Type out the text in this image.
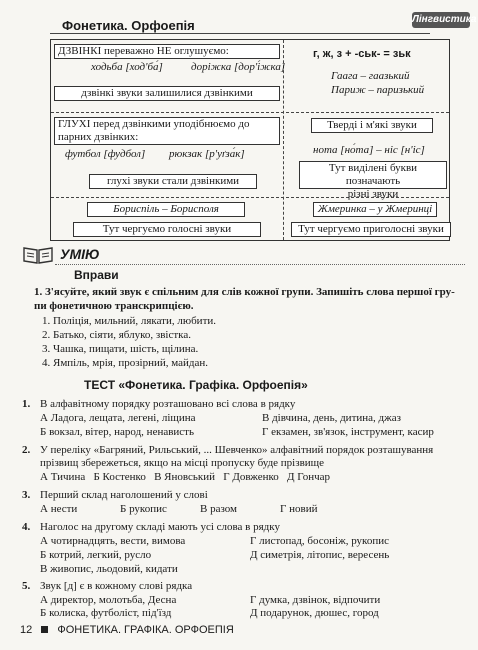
Фонетика. Орфоепія	Лінгвистика
ДЗВІНКІ переважно НЕ оглушуємо:
ходьба [ходʹба́]	доріжка [дорʹі́жка]
дзвінкі звуки залишилися дзвінкими
г, ж, з + -ськ- = зьк
Гаага – гаазький
Париж – паризький
ГЛУХІ перед дзвінкими уподібнюємо до
парних дзвінких:
футбол [фудбол] рюкзак [рʹуґза́к]
глухі звуки стали дзвінкими
Тверді і м'які звуки
нота [но́та] – ніс [нʹіс]
Тут виділені букви позначають
різні звуки
Бориспіль – Борисполя
Тут чергуємо голосні звуки
Жмеринка – у Жмеринці
Тут чергуємо приголосні звуки
УМІЮ
Вправи
1. З'ясуйте, який звук є спільним для слів кожної групи. Запишіть слова першої гру-
пи фонетичною транскрипцією.
1. Поліція, мильний, лякати, любити.
2. Батько, сіяти, яблуко, звістка.
3. Чашка, пищати, шість, щілина.
4. Ямпіль, мрія, прозірний, майдан.
ТЕСТ «Фонетика. Графіка. Орфоепія»
1. В алфавітному порядку розташовано всі слова в рядку
А Ладога, лещата, легені, ліщина
Б вокзал, вітер, народ, ненависть
В дівчина, день, дитина, джаз
Г екзамен, зв'язок, інструмент, касир
2. У переліку «Багряний, Рильський, ... Шевченко» алфавітний порядок розташування
прізвищ збережеться, якщо на місці пропуску буде прізвище
А Тичина   Б Костенко   В Яновський   Г Довженко   Д Гончар
3. Перший склад наголошений у слові
А нести	Б рукопис	В разом	Г новий
4. Наголос на другому складі мають усі слова в рядку
А чотирнадцять, вести, вимова
Б котрий, легкий, русло
В живопис, льодовий, кидати
Г листопад, босоніж, рукопис
Д симетрія, літопис, вересень
5. Звук [д] є в кожному слові рядка
А директор, молотьба, Десна
Б колиска, футболіст, під'їзд
Г думка, дзвінок, відпочити
Д подарунок, дюшес, город
12 ФОНЕТИКА. ГРАФІКА. ОРФОЕПІЯ
